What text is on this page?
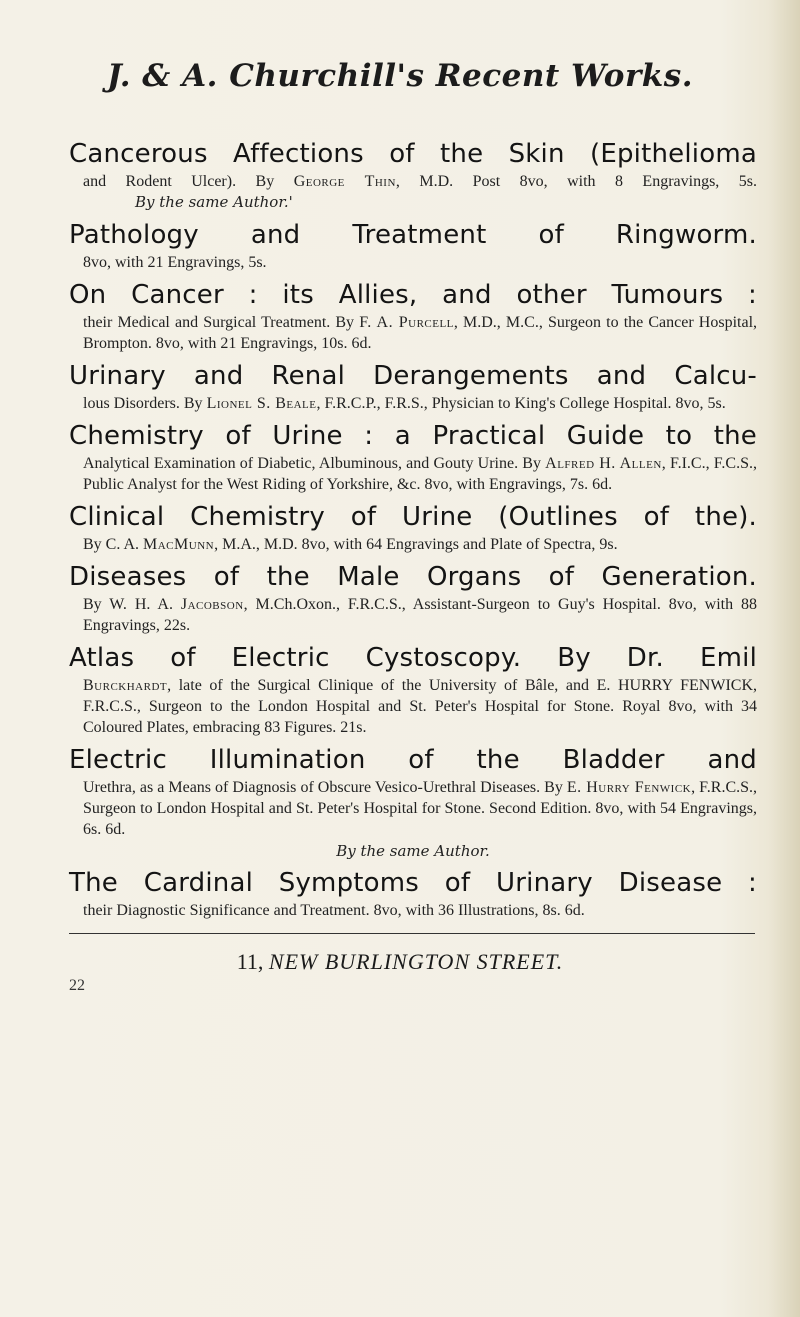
J. & A. Churchill's Recent Works.
Cancerous Affections of the Skin (Epithelioma
and Rodent Ulcer). By George Thin, M.D. Post 8vo, with 8 Engravings, 5s.By the same Author.'
Pathology and Treatment of Ringworm.
8vo, with 21 Engravings, 5s.
On Cancer : its Allies, and other Tumours :
their Medical and Surgical Treatment. By F. A. Purcell, M.D., M.C., Surgeon to the Cancer Hospital, Brompton. 8vo, with 21 Engravings, 10s. 6d.
Urinary and Renal Derangements and Calcu-
lous Disorders. By Lionel S. Beale, F.R.C.P., F.R.S., Physician to King's College Hospital. 8vo, 5s.
Chemistry of Urine : a Practical Guide to the
Analytical Examination of Diabetic, Albuminous, and Gouty Urine. By Alfred H. Allen, F.I.C., F.C.S., Public Analyst for the West Riding of Yorkshire, &c. 8vo, with Engravings, 7s. 6d.
Clinical Chemistry of Urine (Outlines of the).
By C. A. MacMunn, M.A., M.D. 8vo, with 64 Engravings and Plate of Spectra, 9s.
Diseases of the Male Organs of Generation.
By W. H. A. Jacobson, M.Ch.Oxon., F.R.C.S., Assistant-Surgeon to Guy's Hospital. 8vo, with 88 Engravings, 22s.
Atlas of Electric Cystoscopy. By Dr. Emil
Burckhardt, late of the Surgical Clinique of the University of Bâle, and E. HURRY FENWICK, F.R.C.S., Surgeon to the London Hospital and St. Peter's Hospital for Stone. Royal 8vo, with 34 Coloured Plates, embracing 83 Figures. 21s.
Electric Illumination of the Bladder and
Urethra, as a Means of Diagnosis of Obscure Vesico-Urethral Diseases. By E. Hurry Fenwick, F.R.C.S., Surgeon to London Hospital and St. Peter's Hospital for Stone. Second Edition. 8vo, with 54 Engravings, 6s. 6d.
By the same Author.
The Cardinal Symptoms of Urinary Disease :
their Diagnostic Significance and Treatment. 8vo, with 36 Illustrations, 8s. 6d.
11, NEW BURLINGTON STREET.
22
